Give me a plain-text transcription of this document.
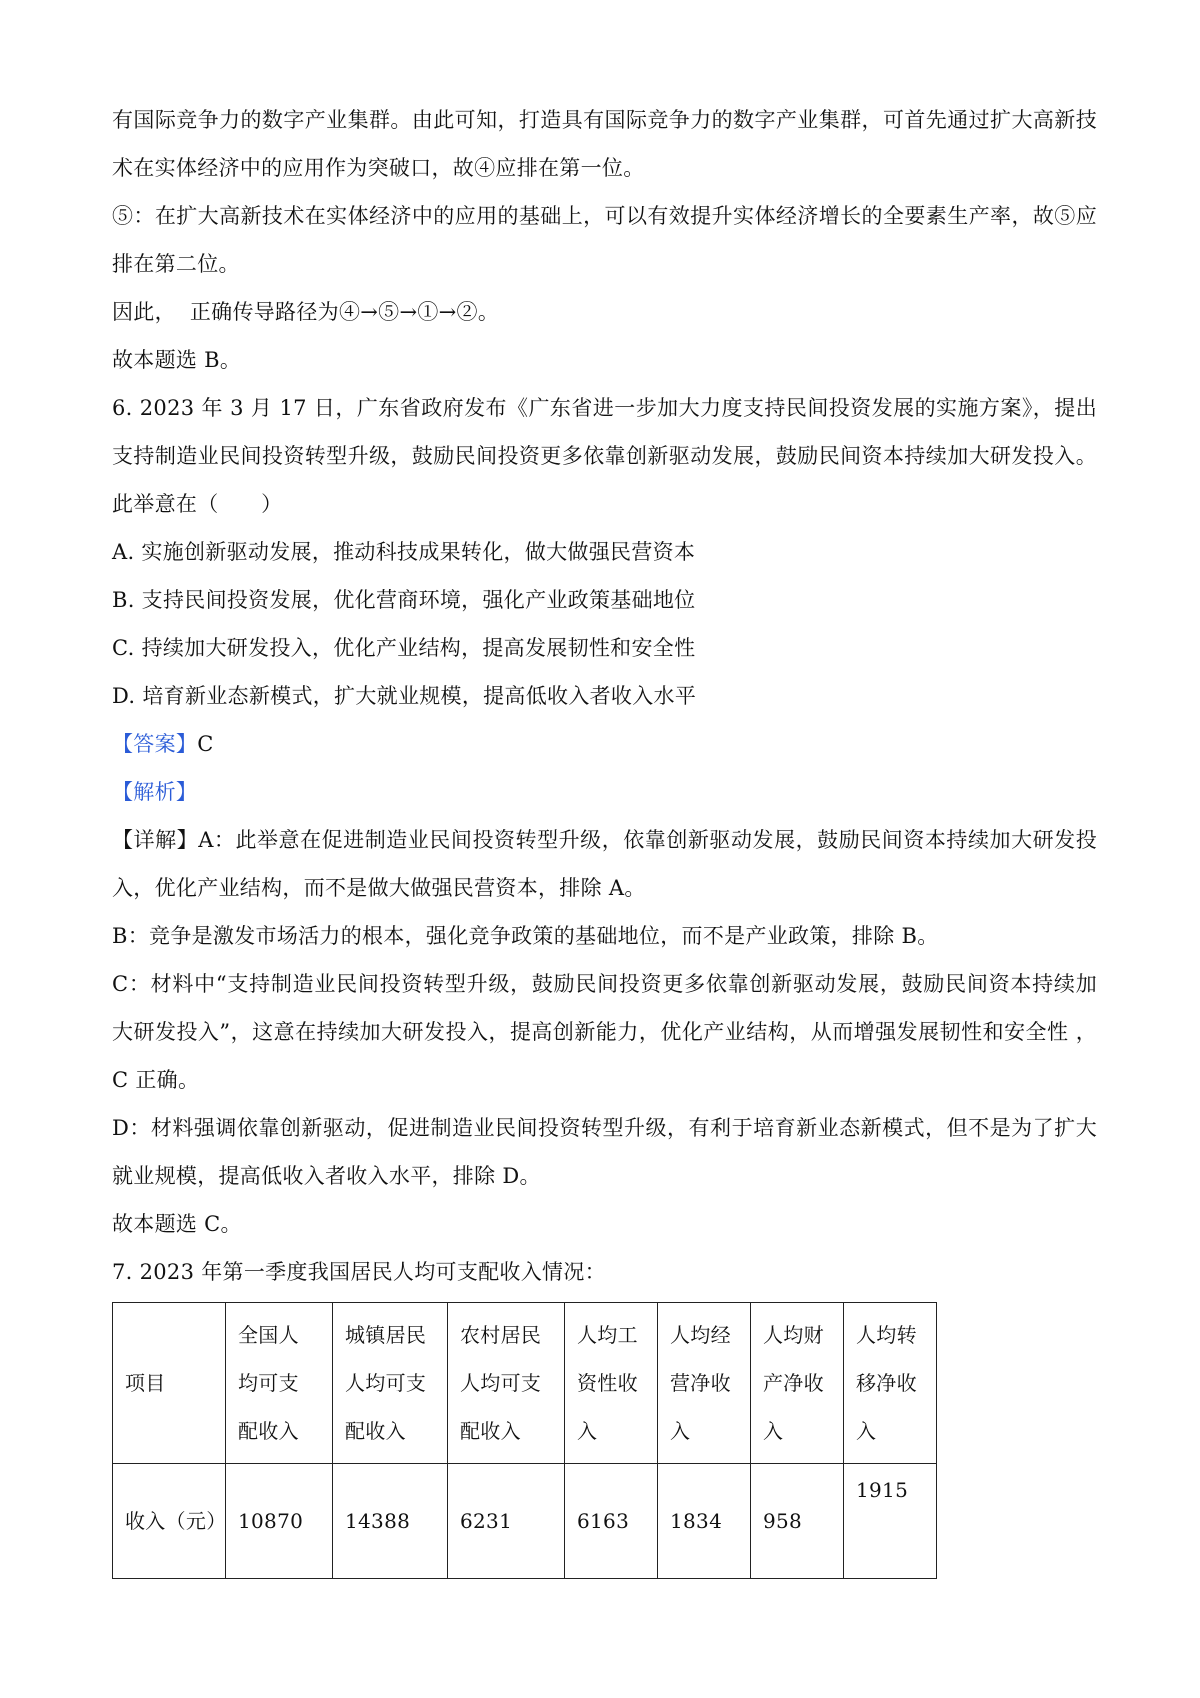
有国际竞争力的数字产业集群。由此可知，打造具有国际竞争力的数字产业集群，可首先通过扩大高新技术在实体经济中的应用作为突破口，故④应排在第一位。

⑤：在扩大高新技术在实体经济中的应用的基础上，可以有效提升实体经济增长的全要素生产率，故⑤应排在第二位。

因此，  正确传导路径为④→⑤→①→②。

故本题选 B。

6. 2023 年 3 月 17 日，广东省政府发布《广东省进一步加大力度支持民间投资发展的实施方案》，提出支持制造业民间投资转型升级，鼓励民间投资更多依靠创新驱动发展，鼓励民间资本持续加大研发投入。此举意在（　　）

A. 实施创新驱动发展，推动科技成果转化，做大做强民营资本

B. 支持民间投资发展，优化营商环境，强化产业政策基础地位

C. 持续加大研发投入，优化产业结构，提高发展韧性和安全性

D. 培育新业态新模式，扩大就业规模，提高低收入者收入水平

【答案】C

【解析】

【详解】A：此举意在促进制造业民间投资转型升级，依靠创新驱动发展，鼓励民间资本持续加大研发投入，优化产业结构，而不是做大做强民营资本，排除 A。

B：竞争是激发市场活力的根本，强化竞争政策的基础地位，而不是产业政策，排除 B。

C：材料中“支持制造业民间投资转型升级，鼓励民间投资更多依靠创新驱动发展，鼓励民间资本持续加大研发投入”，这意在持续加大研发投入，提高创新能力，优化产业结构，从而增强发展韧性和安全性 ，C 正确。

D：材料强调依靠创新驱动，促进制造业民间投资转型升级，有利于培育新业态新模式，但不是为了扩大就业规模，提高低收入者收入水平，排除 D。

故本题选 C。

7. 2023 年第一季度我国居民人均可支配收入情况：

项目	全国人
均可支
配收入	城镇居民
人均可支
配收入	农村居民
人均可支
配收入	人均工
资性收
入	人均经
营净收
入	人均财
产净收
入	人均转
移净收
入

收入（元）	10870	14388	6231	6163	1834	958	1915
